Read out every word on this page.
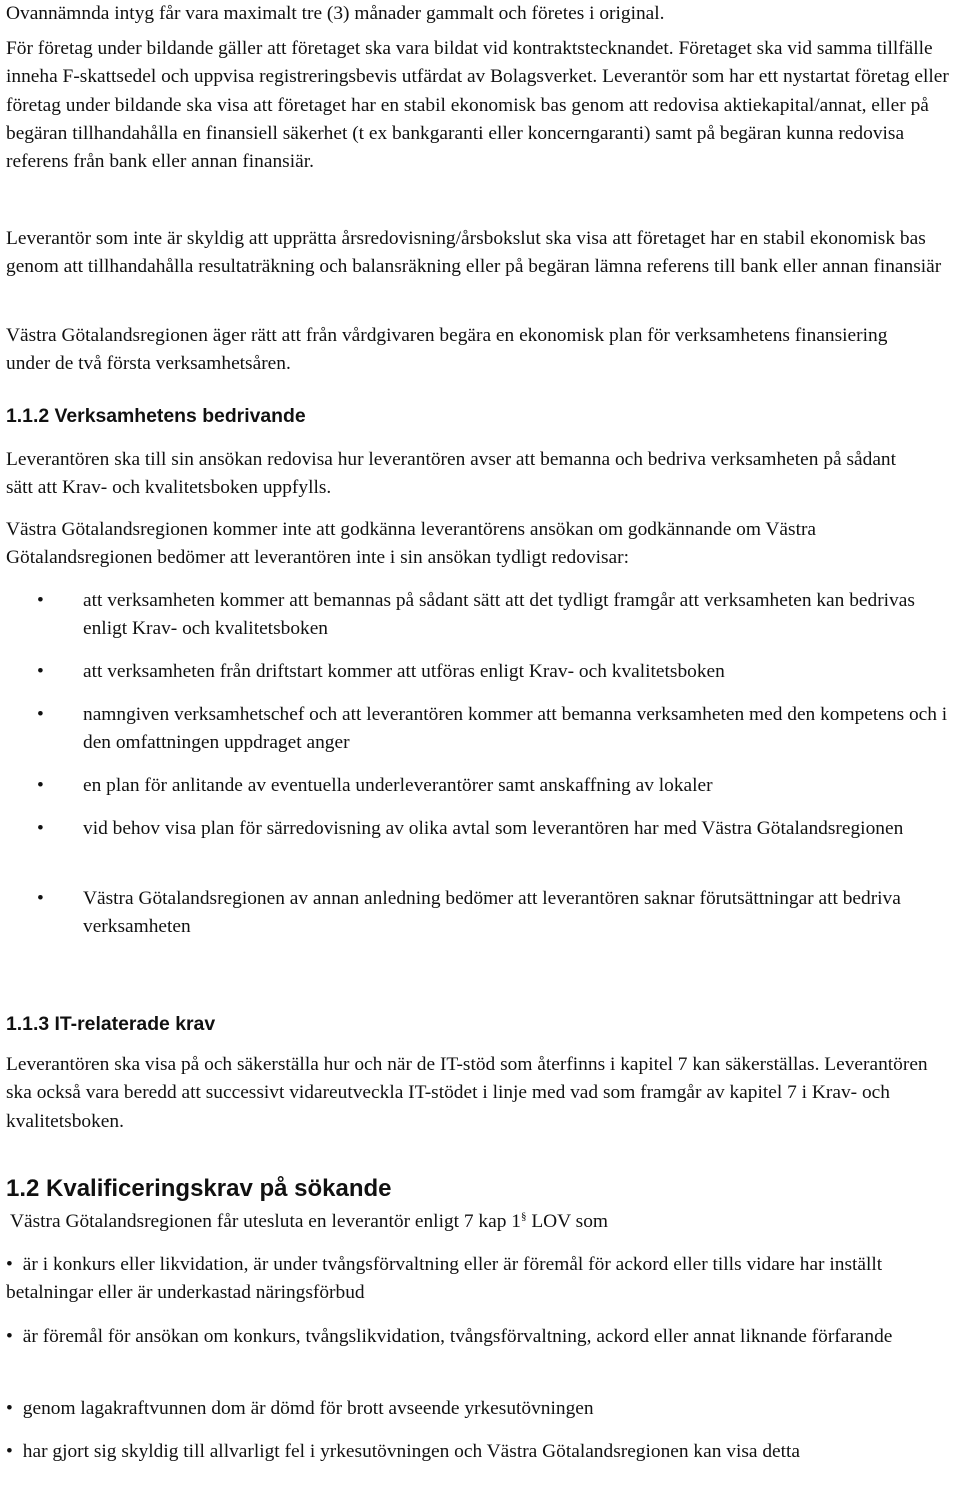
Ovannämnda intyg får vara maximalt tre (3) månader gammalt och företes i original.

För företag under bildande gäller att företaget ska vara bildat vid kontraktstecknandet. Företaget ska vid samma tillfälle inneha F-skattsedel och uppvisa registreringsbevis utfärdat av Bolagsverket. Leverantör som har ett nystartat företag eller företag under bildande ska visa att företaget har en stabil ekonomisk bas genom att redovisa aktiekapital/annat, eller på begäran tillhandahålla en finansiell säkerhet (t ex bankgaranti eller koncerngaranti) samt på begäran kunna redovisa referens från bank eller annan finansiär.

Leverantör som inte är skyldig att upprätta årsredovisning/årsbokslut ska visa att företaget har en stabil ekonomisk bas genom att tillhandahålla resultaträkning och balansräkning eller på begäran lämna referens till bank eller annan finansiär

Västra Götalandsregionen äger rätt att från vårdgivaren begära en ekonomisk plan för verksamhetens finansiering under de två första verksamhetsåren.

1.1.2 Verksamhetens bedrivande

Leverantören ska till sin ansökan redovisa hur leverantören avser att bemanna och bedriva verksamheten på sådant sätt att Krav- och kvalitetsboken uppfylls.

Västra Götalandsregionen kommer inte att godkänna leverantörens ansökan om godkännande om Västra Götalandsregionen bedömer att leverantören inte i sin ansökan tydligt redovisar:

• att verksamheten kommer att bemannas på sådant sätt att det tydligt framgår att verksamheten kan bedrivas enligt Krav- och kvalitetsboken
• att verksamheten från driftstart kommer att utföras enligt Krav- och kvalitetsboken
• namngiven verksamhetschef och att leverantören kommer att bemanna verksamheten med den kompetens och i den omfattningen uppdraget anger
• en plan för anlitande av eventuella underleverantörer samt anskaffning av lokaler
• vid behov visa plan för särredovisning av olika avtal som leverantören har med Västra Götalandsregionen
• Västra Götalandsregionen av annan anledning bedömer att leverantören saknar förutsättningar att bedriva verksamheten
1.1.3 IT-relaterade krav

Leverantören ska visa på och säkerställa hur och när de IT-stöd som återfinns i kapitel 7 kan säkerställas. Leverantören ska också vara beredd att successivt vidareutveckla IT-stödet i linje med vad som framgår av kapitel 7 i Krav- och kvalitetsboken.

1.2 Kvalificeringskrav på sökande

Västra Götalandsregionen får utesluta en leverantör enligt 7 kap 1§ LOV som

• är i konkurs eller likvidation, är under tvångsförvaltning eller är föremål för ackord eller tills vidare har inställt betalningar eller är underkastad näringsförbud
• är föremål för ansökan om konkurs, tvångslikvidation, tvångsförvaltning, ackord eller annat liknande förfarande
• genom lagakraftvunnen dom är dömd för brott avseende yrkesutövningen
• har gjort sig skyldig till allvarligt fel i yrkesutövningen och Västra Götalandsregionen kan visa detta
